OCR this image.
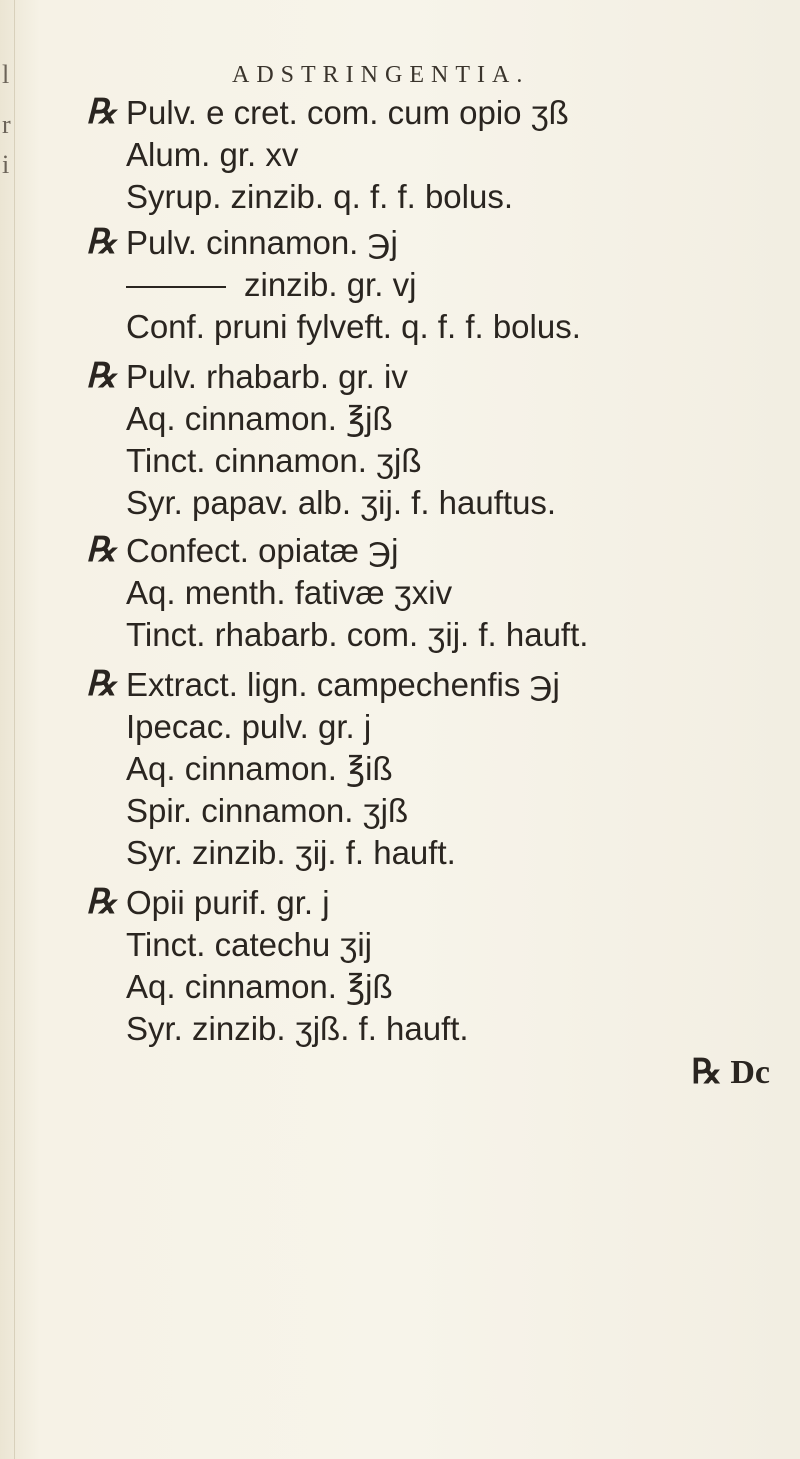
l
r
i
ADSTRINGENTIA.
℞ Pulv. e cret. com. cum opio ʒß
Alum. gr. xv
Syrup. zinzib. q. f. f. bolus.
℞ Pulv. cinnamon. ℈j
zinzib. gr. vj
Conf. pruni fylveft. q. f. f. bolus.
℞ Pulv. rhabarb. gr. iv
Aq. cinnamon. ℥jß
Tinct. cinnamon. ʒjß
Syr. papav. alb. ʒij. f. hauftus.
℞ Confect. opiatæ ℈j
Aq. menth. fativæ ʒxiv
Tinct. rhabarb. com. ʒij. f. hauft.
℞ Extract. lign. campechenfis ℈j
Ipecac. pulv. gr. j
Aq. cinnamon. ℥iß
Spir. cinnamon. ʒjß
Syr. zinzib. ʒij. f. hauft.
℞ Opii purif. gr. j
Tinct. catechu ʒij
Aq. cinnamon. ℥jß
Syr. zinzib. ʒjß. f. hauft.
℞ Dc
